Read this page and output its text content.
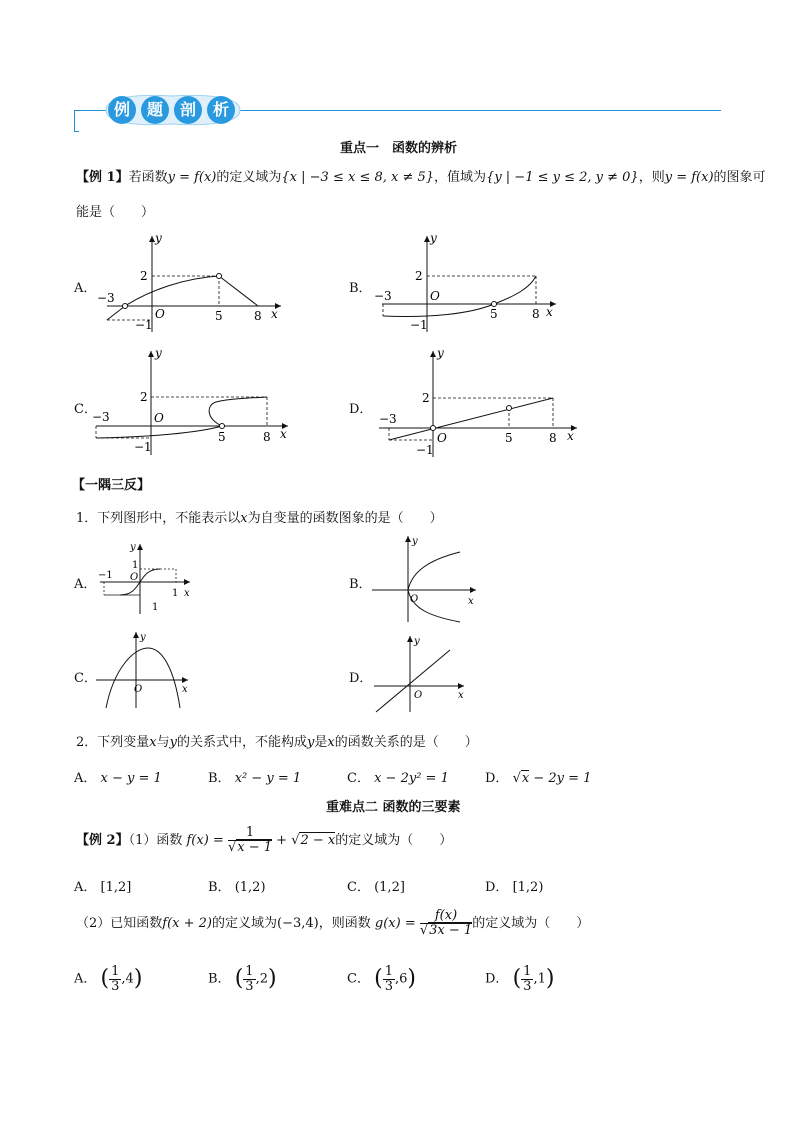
例	题	剖	析
重点一　函数的辨析
【例 1】若函数y = f(x)的定义域为{x | −3 ≤ x ≤ 8, x ≠ 5}，值域为{y | −1 ≤ y ≤ 2, y ≠ 0}，则y = f(x)的图象可
能是（　　）
A．	B．
C．	D．
y
x
−3
O	5	8
2
−1
y
x
−3	O
5	8
2
−1
y
x
−3	O
5	8
2
−1
y
x
−3
O	5	8
2
−1
【一隅三反】
1．下列图形中，不能表示以x为自变量的函数图象的是（　　）
A．	B．
C．	D．
y
x
O
−1
1
1
1
y
x
O
y
x
O
y
x
O
2．下列变量x与y的关系式中，不能构成y是x的函数关系的是（　　）
A． x − y = 1	B． x² − y = 1	C． x − 2y² = 1	D． √x − 2y = 1
重难点二 函数的三要素
【例 2】（1）函数 $f(x) = \frac{1}{√x - 1} + √2 - x$的定义域为（　　）
A． [1,2]	B． (1,2)	C． (1,2]	D． [1,2)
（2）已知函数f(x + 2)的定义域为(−3,4)，则函数 $g(x) = \frac{f(x)}{√3x - 1}$ 的定义域为（　　）
A． ( $\frac{1}{3} ,4$)	B． ( $\frac{1}{3} ,2$)	C． ( $\frac{1}{3} ,6$)	D． ( $\frac{1}{3} ,1$)
